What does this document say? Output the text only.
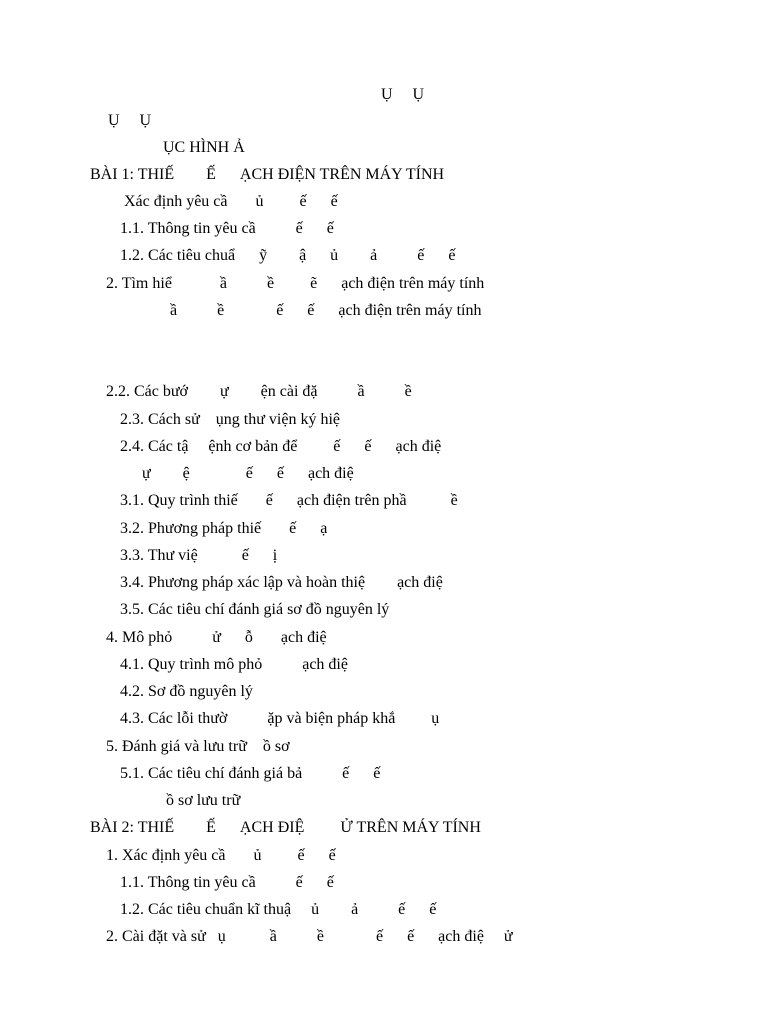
Ụ     Ụ

Ụ     Ụ

ỤC HÌNH Ả

BÀI 1: THIẾ        Ế      ẠCH ĐIỆN TRÊN MÁY TÍNH

Xác định yêu cầ       ủ         ế      ế

1.1. Thông tin yêu cầ          ế      ế

1.2. Các tiêu chuẩ      ỹ        ậ      ủ        ả          ế      ế

2. Tìm hiể            ầ          ề         ẽ      ạch điện trên máy tính

ầ          ề             ế      ế      ạch điện trên máy tính

2.2. Các bướ        ự        ện cài đặ          ầ          ề

2.3. Cách sử    ụng thư viện ký hiệ

2.4. Các tậ     ệnh cơ bản để         ế      ế      ạch điệ

ự        ệ              ế      ế      ạch điệ

3.1. Quy trình thiế       ế      ạch điện trên phầ           ề

3.2. Phương pháp thiế       ế      ạ

3.3. Thư việ           ế      ị

3.4. Phương pháp xác lập và hoàn thiệ        ạch điệ

3.5. Các tiêu chí đánh giá sơ đồ nguyên lý

4. Mô phỏ          ử      ỗ       ạch điệ

4.1. Quy trình mô phỏ          ạch điệ

4.2. Sơ đồ nguyên lý

4.3. Các lỗi thườ          ặp và biện pháp khắ         ụ

5. Đánh giá và lưu trữ    ồ sơ

5.1. Các tiêu chí đánh giá bả          ế      ế

ồ sơ lưu trữ

BÀI 2: THIẾ        Ế      ẠCH ĐIỆ         Ử TRÊN MÁY TÍNH

1. Xác định yêu cầ       ủ         ế      ế

1.1. Thông tin yêu cầ          ế      ế

1.2. Các tiêu chuẩn kĩ thuậ     ủ        ả          ế      ế

2. Cài đặt và sử   ụ           ầ          ề             ế      ế      ạch điệ     ử
